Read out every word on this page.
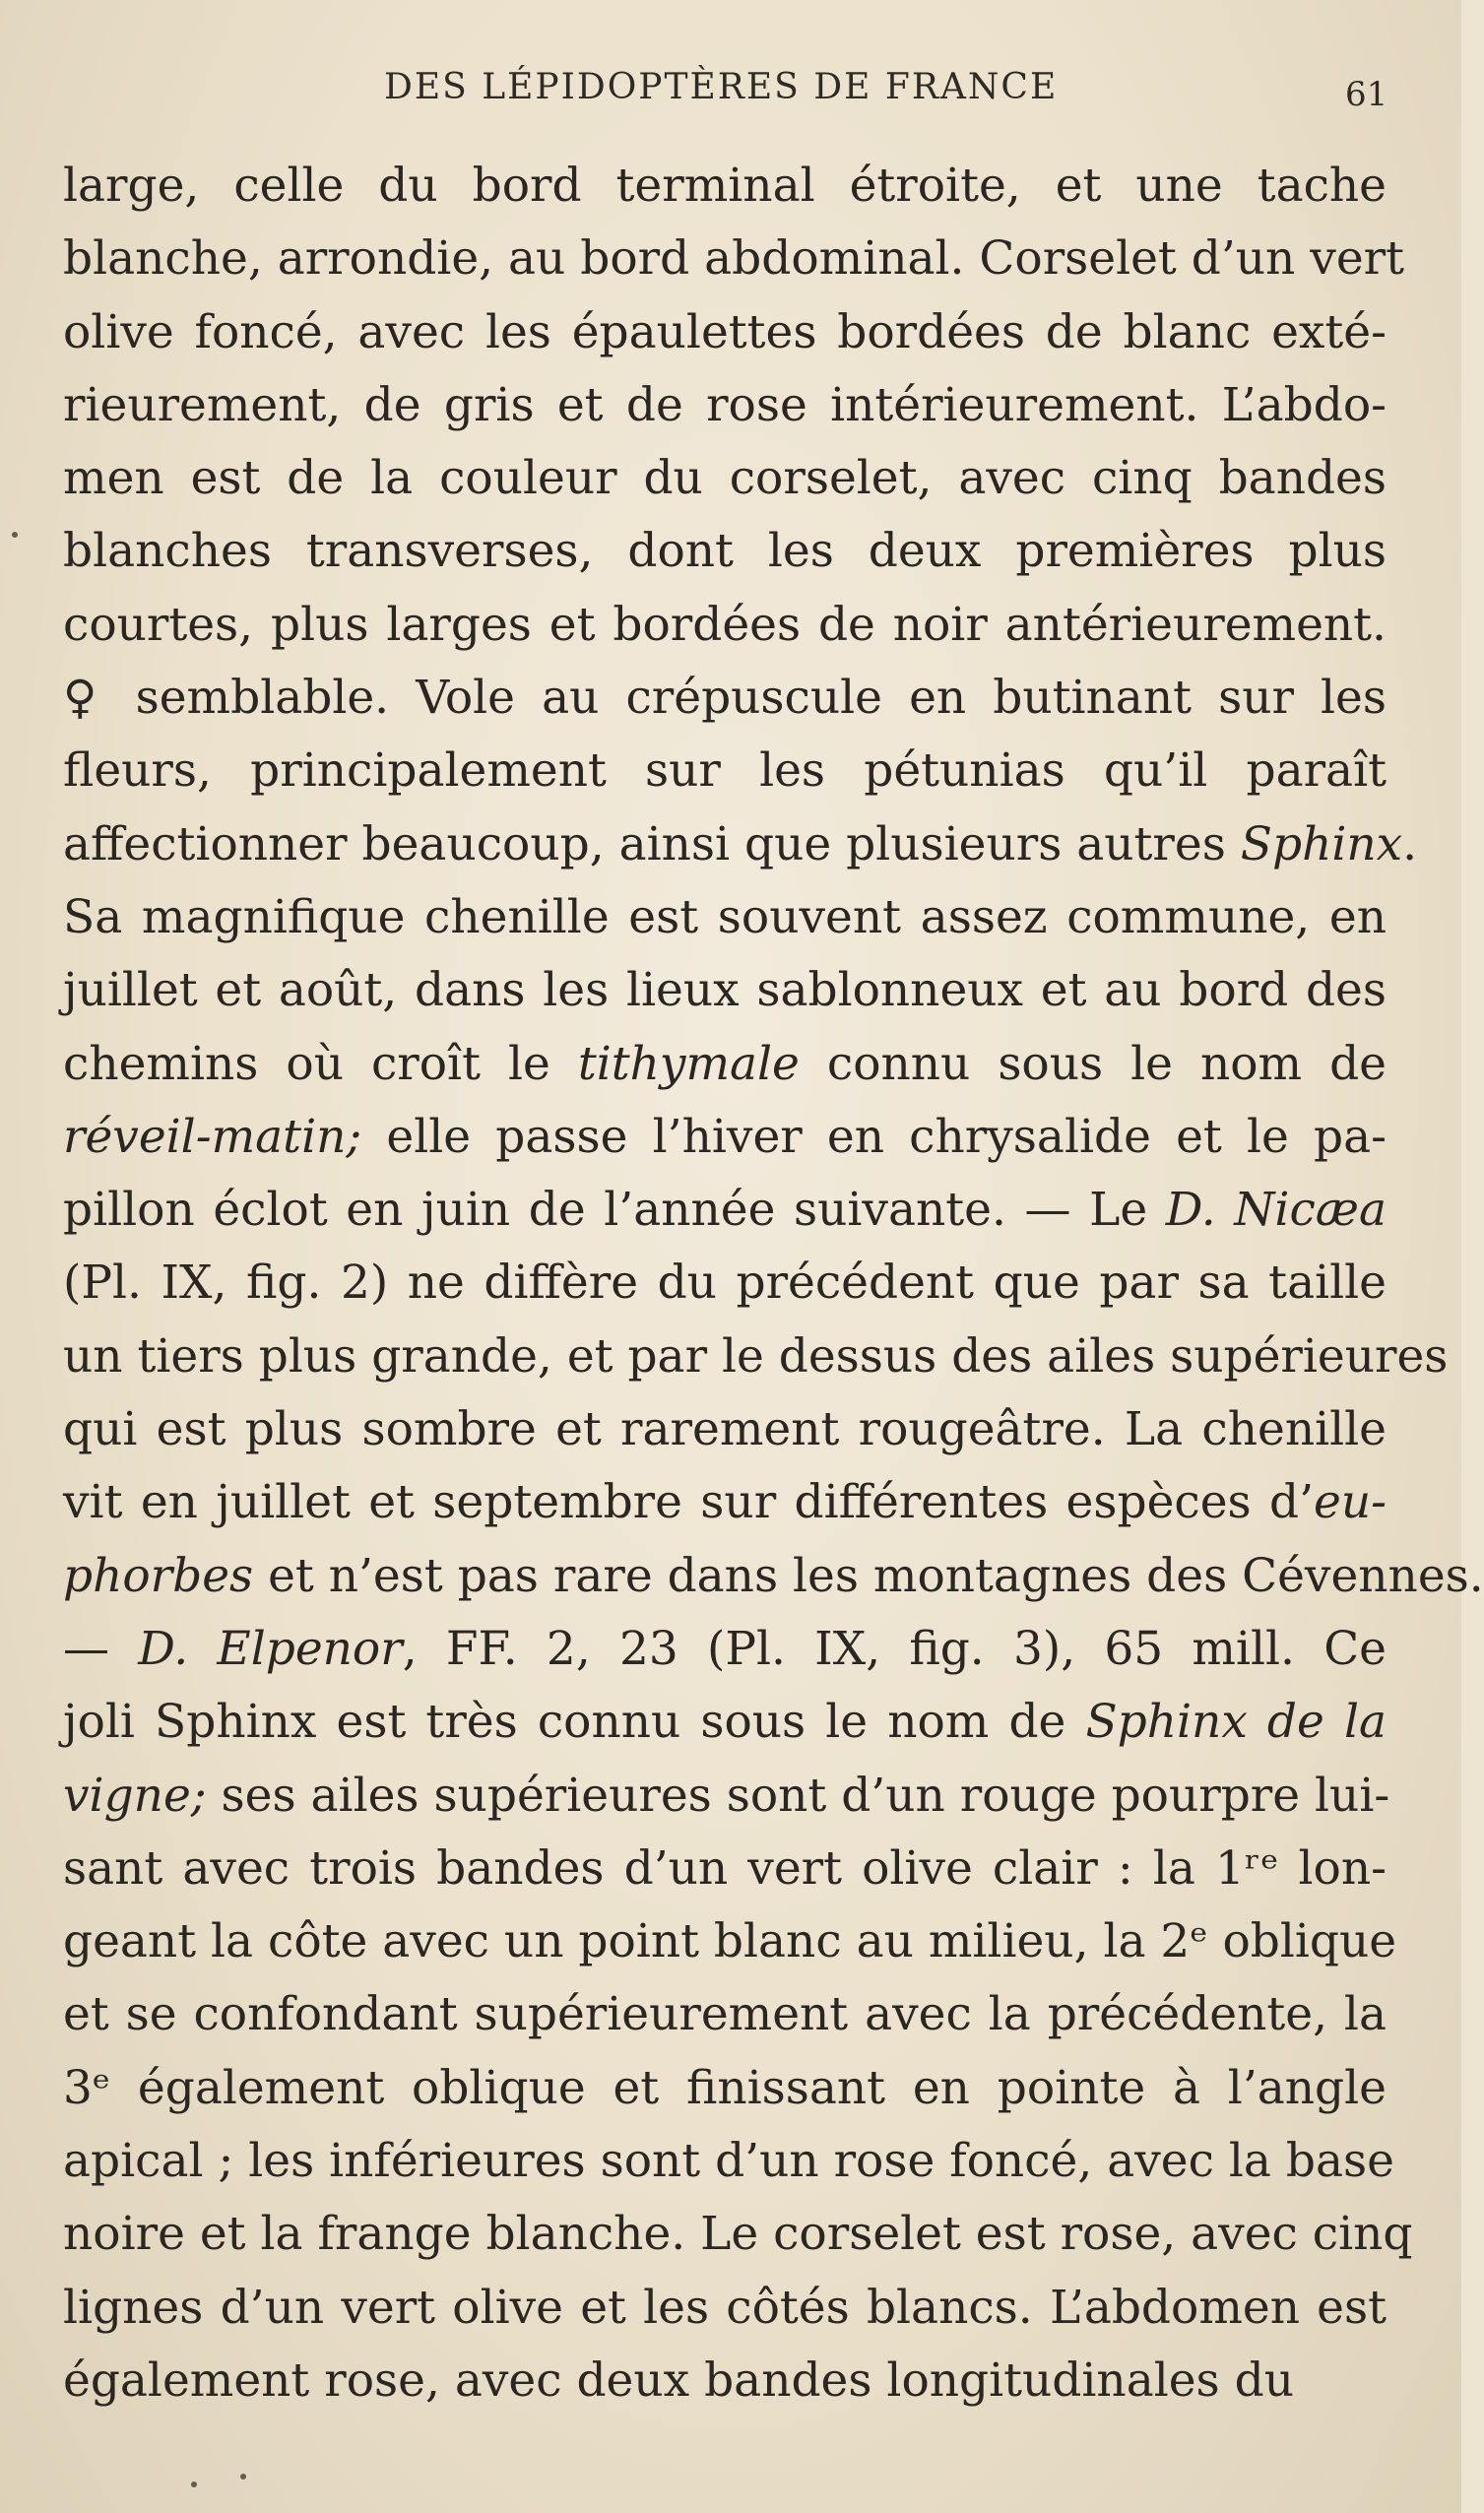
DES LÉPIDOPTÈRES DE FRANCE	61
large, celle du bord terminal étroite, et une tache
blanche, arrondie, au bord abdominal. Corselet d’un vert
olive foncé, avec les épaulettes bordées de blanc exté-
rieurement, de gris et de rose intérieurement. L’abdo-
men est de la couleur du corselet, avec cinq bandes
blanches transverses, dont les deux premières plus
courtes, plus larges et bordées de noir antérieurement.
♀ semblable. Vole au crépuscule en butinant sur les
fleurs, principalement sur les pétunias qu’il paraît
affectionner beaucoup, ainsi que plusieurs autres Sphinx.
Sa magnifique chenille est souvent assez commune, en
juillet et août, dans les lieux sablonneux et au bord des
chemins où croît le tithymale connu sous le nom de
réveil-matin; elle passe l’hiver en chrysalide et le pa-
pillon éclot en juin de l’année suivante. — Le D. Nicæa
(Pl. IX, fig. 2) ne diffère du précédent que par sa taille
un tiers plus grande, et par le dessus des ailes supérieures
qui est plus sombre et rarement rougeâtre. La chenille
vit en juillet et septembre sur différentes espèces d’eu-
phorbes et n’est pas rare dans les montagnes des Cévennes.
— D. Elpenor, FF. 2, 23 (Pl. IX, fig. 3), 65 mill. Ce
joli Sphinx est très connu sous le nom de Sphinx de la
vigne; ses ailes supérieures sont d’un rouge pourpre lui-
sant avec trois bandes d’un vert olive clair : la 1ʳᵉ lon-
geant la côte avec un point blanc au milieu, la 2ᵉ oblique
et se confondant supérieurement avec la précédente, la
3ᵉ également oblique et finissant en pointe à l’angle
apical ; les inférieures sont d’un rose foncé, avec la base
noire et la frange blanche. Le corselet est rose, avec cinq
lignes d’un vert olive et les côtés blancs. L’abdomen est
également rose, avec deux bandes longitudinales du
